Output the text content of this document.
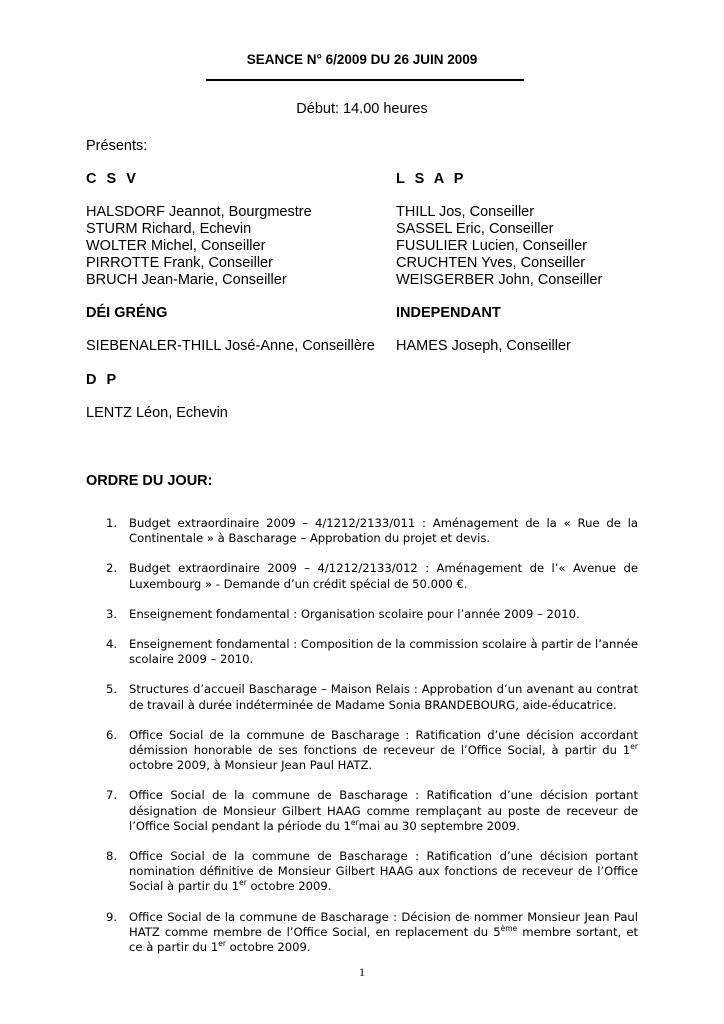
SEANCE N° 6/2009 DU 26 JUIN 2009
Début: 14.00 heures
Présents:
C S V
HALSDORF Jeannot, Bourgmestre
STURM Richard, Echevin
WOLTER Michel, Conseiller
PIRROTTE Frank, Conseiller
BRUCH Jean-Marie, Conseiller
L S A P
THILL Jos, Conseiller
SASSEL Eric, Conseiller
FUSULIER Lucien, Conseiller
CRUCHTEN Yves, Conseiller
WEISGERBER John, Conseiller
DÉI GRÉNG
SIEBENALER-THILL José-Anne, Conseillère
INDEPENDANT
HAMES Joseph, Conseiller
D P
LENTZ Léon, Echevin
ORDRE DU JOUR:
1.	Budget extraordinaire 2009 – 4/1212/2133/011 : Aménagement de la « Rue de la Continentale » à Bascharage – Approbation du projet et devis.
2.	Budget extraordinaire 2009 – 4/1212/2133/012 : Aménagement de l’« Avenue de Luxembourg » - Demande d’un crédit spécial de 50.000 €.
3.	Enseignement fondamental : Organisation scolaire pour l’année 2009 – 2010.
4.	Enseignement fondamental : Composition de la commission scolaire à partir de l’année scolaire 2009 – 2010.
5.	Structures d’accueil Bascharage – Maison Relais : Approbation d’un avenant au contrat de travail à durée indéterminée de Madame Sonia BRANDEBOURG, aide-éducatrice.
6.	Office Social de la commune de Bascharage : Ratification d’une décision accordant démission honorable de ses fonctions de receveur de l’Office Social, à partir du 1er octobre 2009, à Monsieur Jean Paul HATZ.
7.	Office Social de la commune de Bascharage : Ratification d’une décision portant désignation de Monsieur Gilbert HAAG comme remplaçant au poste de receveur de l’Office Social pendant la période du 1ermai au 30 septembre 2009.
8.	Office Social de la commune de Bascharage : Ratification d’une décision portant nomination définitive de Monsieur Gilbert HAAG aux fonctions de receveur de l’Office Social à partir du 1er octobre 2009.
9.	Office Social de la commune de Bascharage : Décision de nommer Monsieur Jean Paul HATZ comme membre de l’Office Social, en replacement du 5ème membre sortant, et ce à partir du 1er octobre 2009.
1
